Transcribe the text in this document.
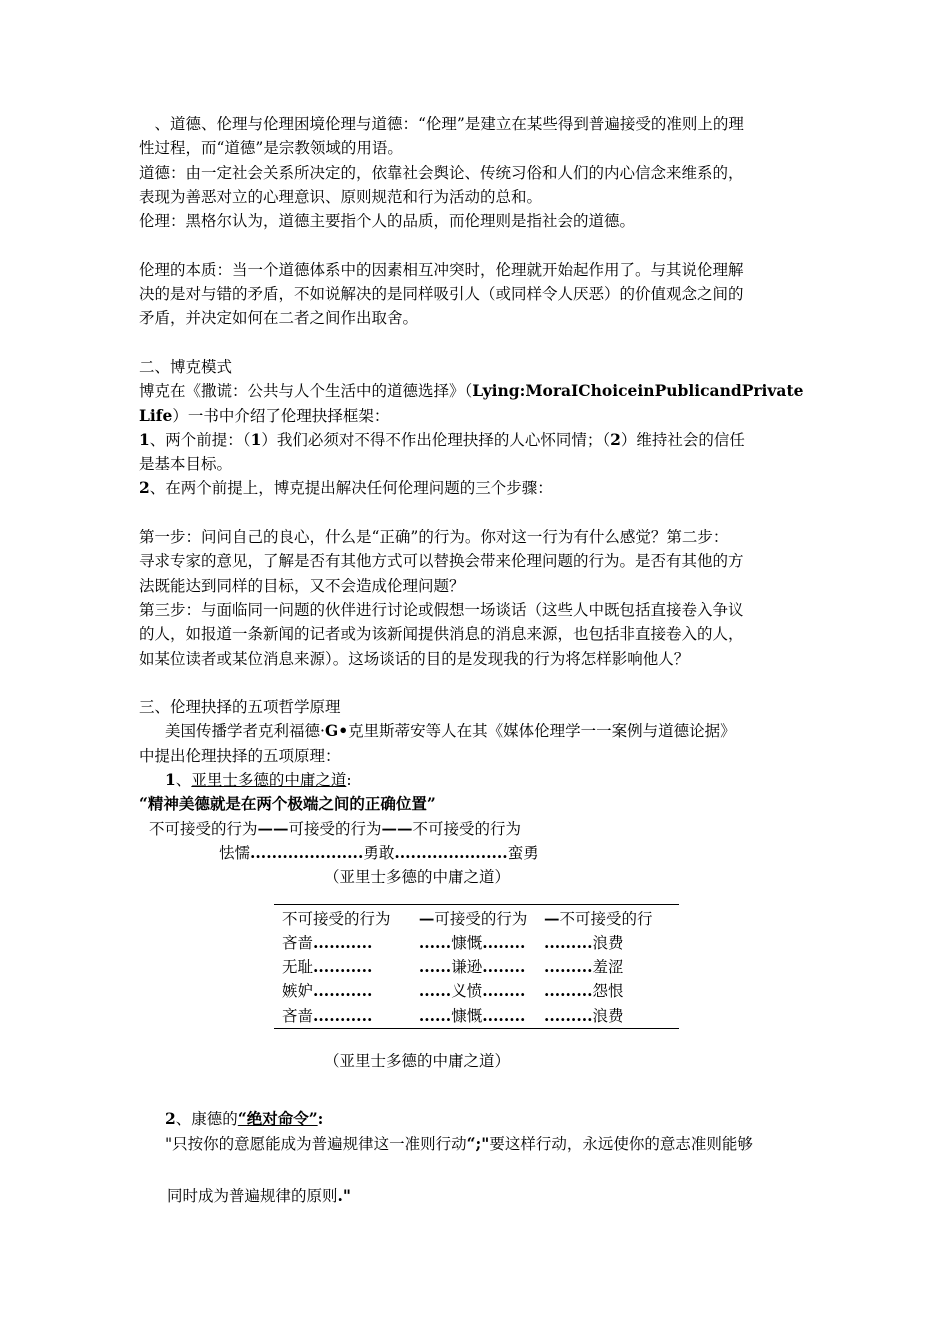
　、道德、伦理与伦理困境伦理与道德：“伦理”是建立在某些得到普遍接受的准则上的理

性过程，而“道德”是宗教领域的用语。

道德：由一定社会关系所决定的，依靠社会舆论、传统习俗和人们的内心信念来维系的，

表现为善恶对立的心理意识、原则规范和行为活动的总和。

伦理：黑格尔认为，道德主要指个人的品质，而伦理则是指社会的道德。

伦理的本质：当一个道德体系中的因素相互冲突时，伦理就开始起作用了。与其说伦理解

决的是对与错的矛盾，不如说解决的是同样吸引人（或同样令人厌恶）的价值观念之间的

矛盾，并决定如何在二者之间作出取舍。

二、博克模式

博克在《撒谎：公共与人个生活中的道德选择》（Lying:MoraIChoiceinPublicandPrivate

Life）一书中介绍了伦理抉择框架：

1、两个前提：（1）我们必须对不得不作出伦理抉择的人心怀同情；（2）维持社会的信任

是基本目标。

2、在两个前提上，博克提出解决任何伦理问题的三个步骤：

第一步：问问自己的良心，什么是“正确”的行为。你对这一行为有什么感觉？第二步：

寻求专家的意见，了解是否有其他方式可以替换会带来伦理问题的行为。是否有其他的方

法既能达到同样的目标，又不会造成伦理问题？

第三步：与面临同一问题的伙伴进行讨论或假想一场谈话（这些人中既包括直接卷入争议

的人，如报道一条新闻的记者或为该新闻提供消息的消息来源，也包括非直接卷入的人，

如某位读者或某位消息来源）。这场谈话的目的是发现我的行为将怎样影响他人？

三、伦理抉择的五项哲学原理

美国传播学者克利福德·G•克里斯蒂安等人在其《媒体伦理学一一案例与道德论据》

中提出伦理抉择的五项原理：

1、亚里士多德的中庸之道:

“精神美德就是在两个极端之间的正确位置”

不可接受的行为——可接受的行为——不可接受的行为

怯懦.....................勇敢.....................蛮勇

（亚里士多德的中庸之道）

不可接受的行为	—可接受的行为	—不可接受的行
吝啬...........	......慷慨........	.........浪费
无耻...........	......谦逊........	.........羞涩
嫉妒...........	......义愤........	.........怨恨
吝啬...........	......慷慨........	.........浪费

（亚里士多德的中庸之道）

2、康德的“绝对命令”:

"只按你的意愿能成为普遍规律这一准则行动“;"要这样行动，永远使你的意志准则能够

同时成为普遍规律的原则."
